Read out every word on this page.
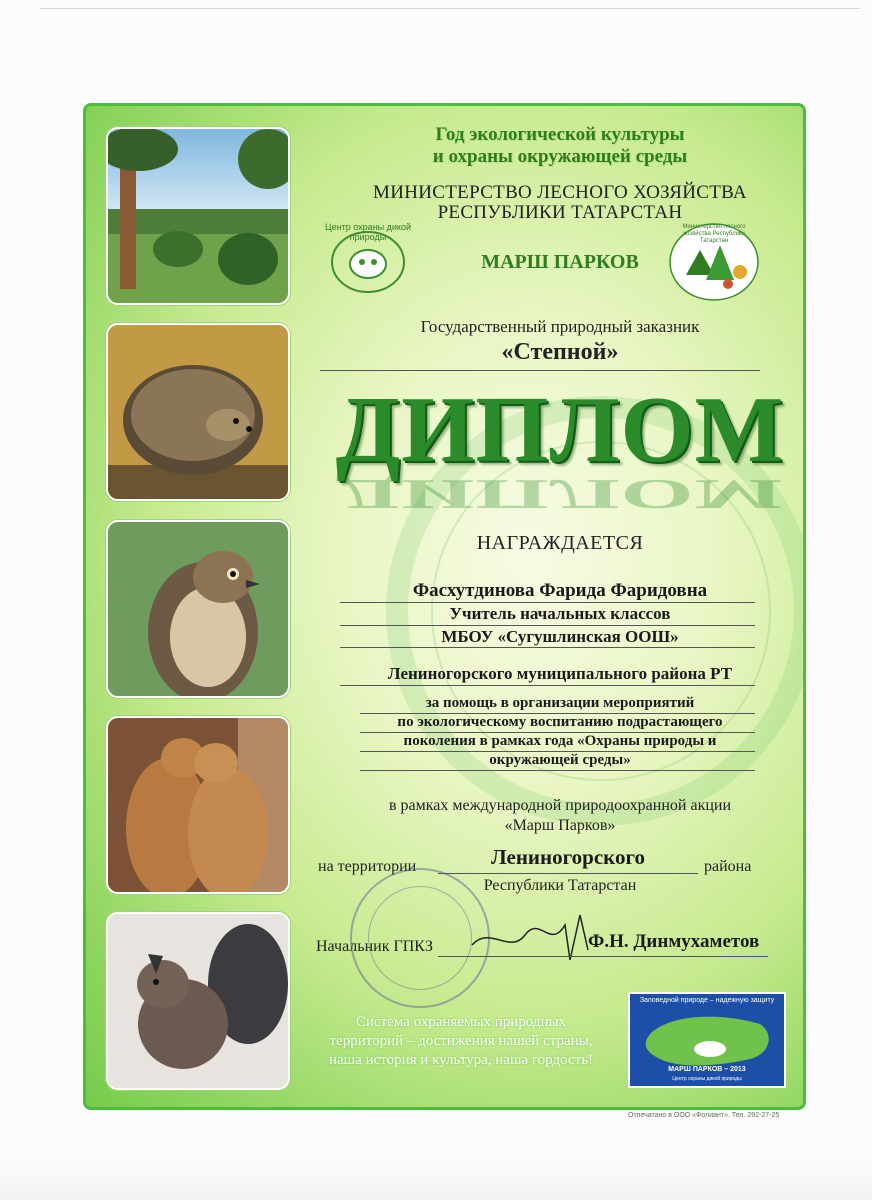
Год экологической культуры
и охраны окружающей среды
МИНИСТЕРСТВО ЛЕСНОГО ХОЗЯЙСТВА
РЕСПУБЛИКИ ТАТАРСТАН
Центр охраны дикой природы
МАРШ ПАРКОВ
Министерство лесного хозяйства Республики Татарстан
Государственный природный заказник
«Степной»
ДИПЛОМ
ДИПЛОМ
НАГРАЖДАЕТСЯ
Фасхутдинова Фарида Фаридовна
Учитель начальных классов
МБОУ «Сугушлинская ООШ»
Лениногорского муниципального района РТ
за помощь в организации мероприятий
по экологическому воспитанию подрастающего
поколения в рамках года «Охраны природы и
окружающей среды»
в рамках международной природоохранной акции
«Марш Парков»
на территории	Лениногорского	района
Республики Татарстан
Начальник ГПКЗ	Ф.Н. Динмухаметов
Система охраняемых природных
территорий – достижения нашей страны,
наша история и культура, наша гордость!
Заповедной природе – надежную защиту
МАРШ ПАРКОВ – 2013
Центр охраны дикой природы
Отпечатано в ООО «Фолиант». Тел. 292-27-25
